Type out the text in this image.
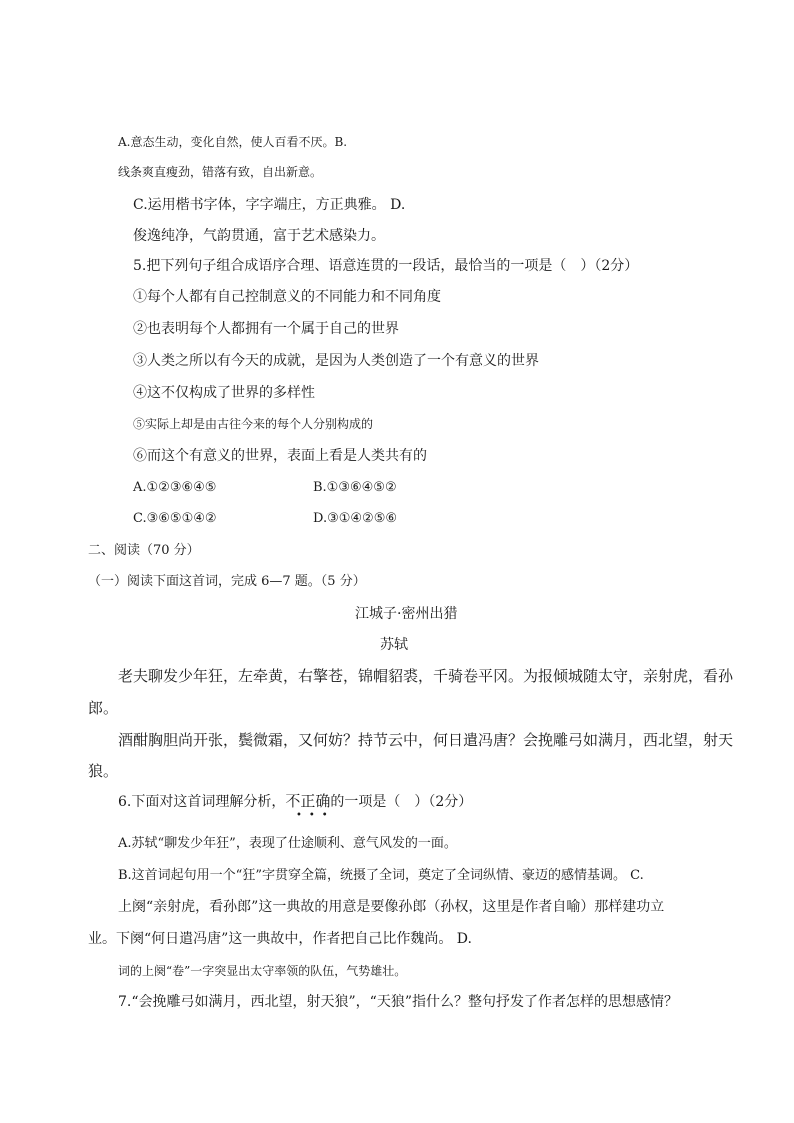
A.意态生动，变化自然，使人百看不厌。B.
线条爽直瘦劲，错落有致，自出新意。
C.运用楷书字体，字字端庄，方正典雅。 D.
俊逸纯净，气韵贯通，富于艺术感染力。
5.把下列句子组合成语序合理、语意连贯的一段话，最恰当的一项是（　）（2分）
①每个人都有自己控制意义的不同能力和不同角度
②也表明每个人都拥有一个属于自己的世界
③人类之所以有今天的成就，是因为人类创造了一个有意义的世界
④这不仅构成了世界的多样性
⑤实际上却是由古往今来的每个人分别构成的
⑥而这个有意义的世界，表面上看是人类共有的
A.①②③⑥④⑤	B.①③⑥④⑤②
C.③⑥⑤①④②	D.③①④②⑤⑥
二、阅读（70 分）
（一）阅读下面这首词，完成 6—7 题。（5 分）
江城子·密州出猎
苏轼
老夫聊发少年狂，左牵黄，右擎苍，锦帽貂裘，千骑卷平冈。为报倾城随太守，亲射虎，看孙
郎。
酒酣胸胆尚开张，鬓微霜，又何妨？持节云中，何日遣冯唐？会挽雕弓如满月，西北望，射天
狼。
6.下面对这首词理解分析，不正确的一项是（　）（2分）
•••
A.苏轼“聊发少年狂”，表现了仕途顺利、意气风发的一面。
B.这首词起句用一个“狂”字贯穿全篇，统摄了全词，奠定了全词纵情、豪迈的感情基调。 C.
上阕“亲射虎，看孙郎”这一典故的用意是要像孙郎（孙权，这里是作者自喻）那样建功立
业。下阕“何日遣冯唐”这一典故中，作者把自己比作魏尚。 D.
词的上阕“卷”一字突显出太守率领的队伍，气势雄壮。
7.“会挽雕弓如满月，西北望，射天狼”，“天狼”指什么？整句抒发了作者怎样的思想感情？
